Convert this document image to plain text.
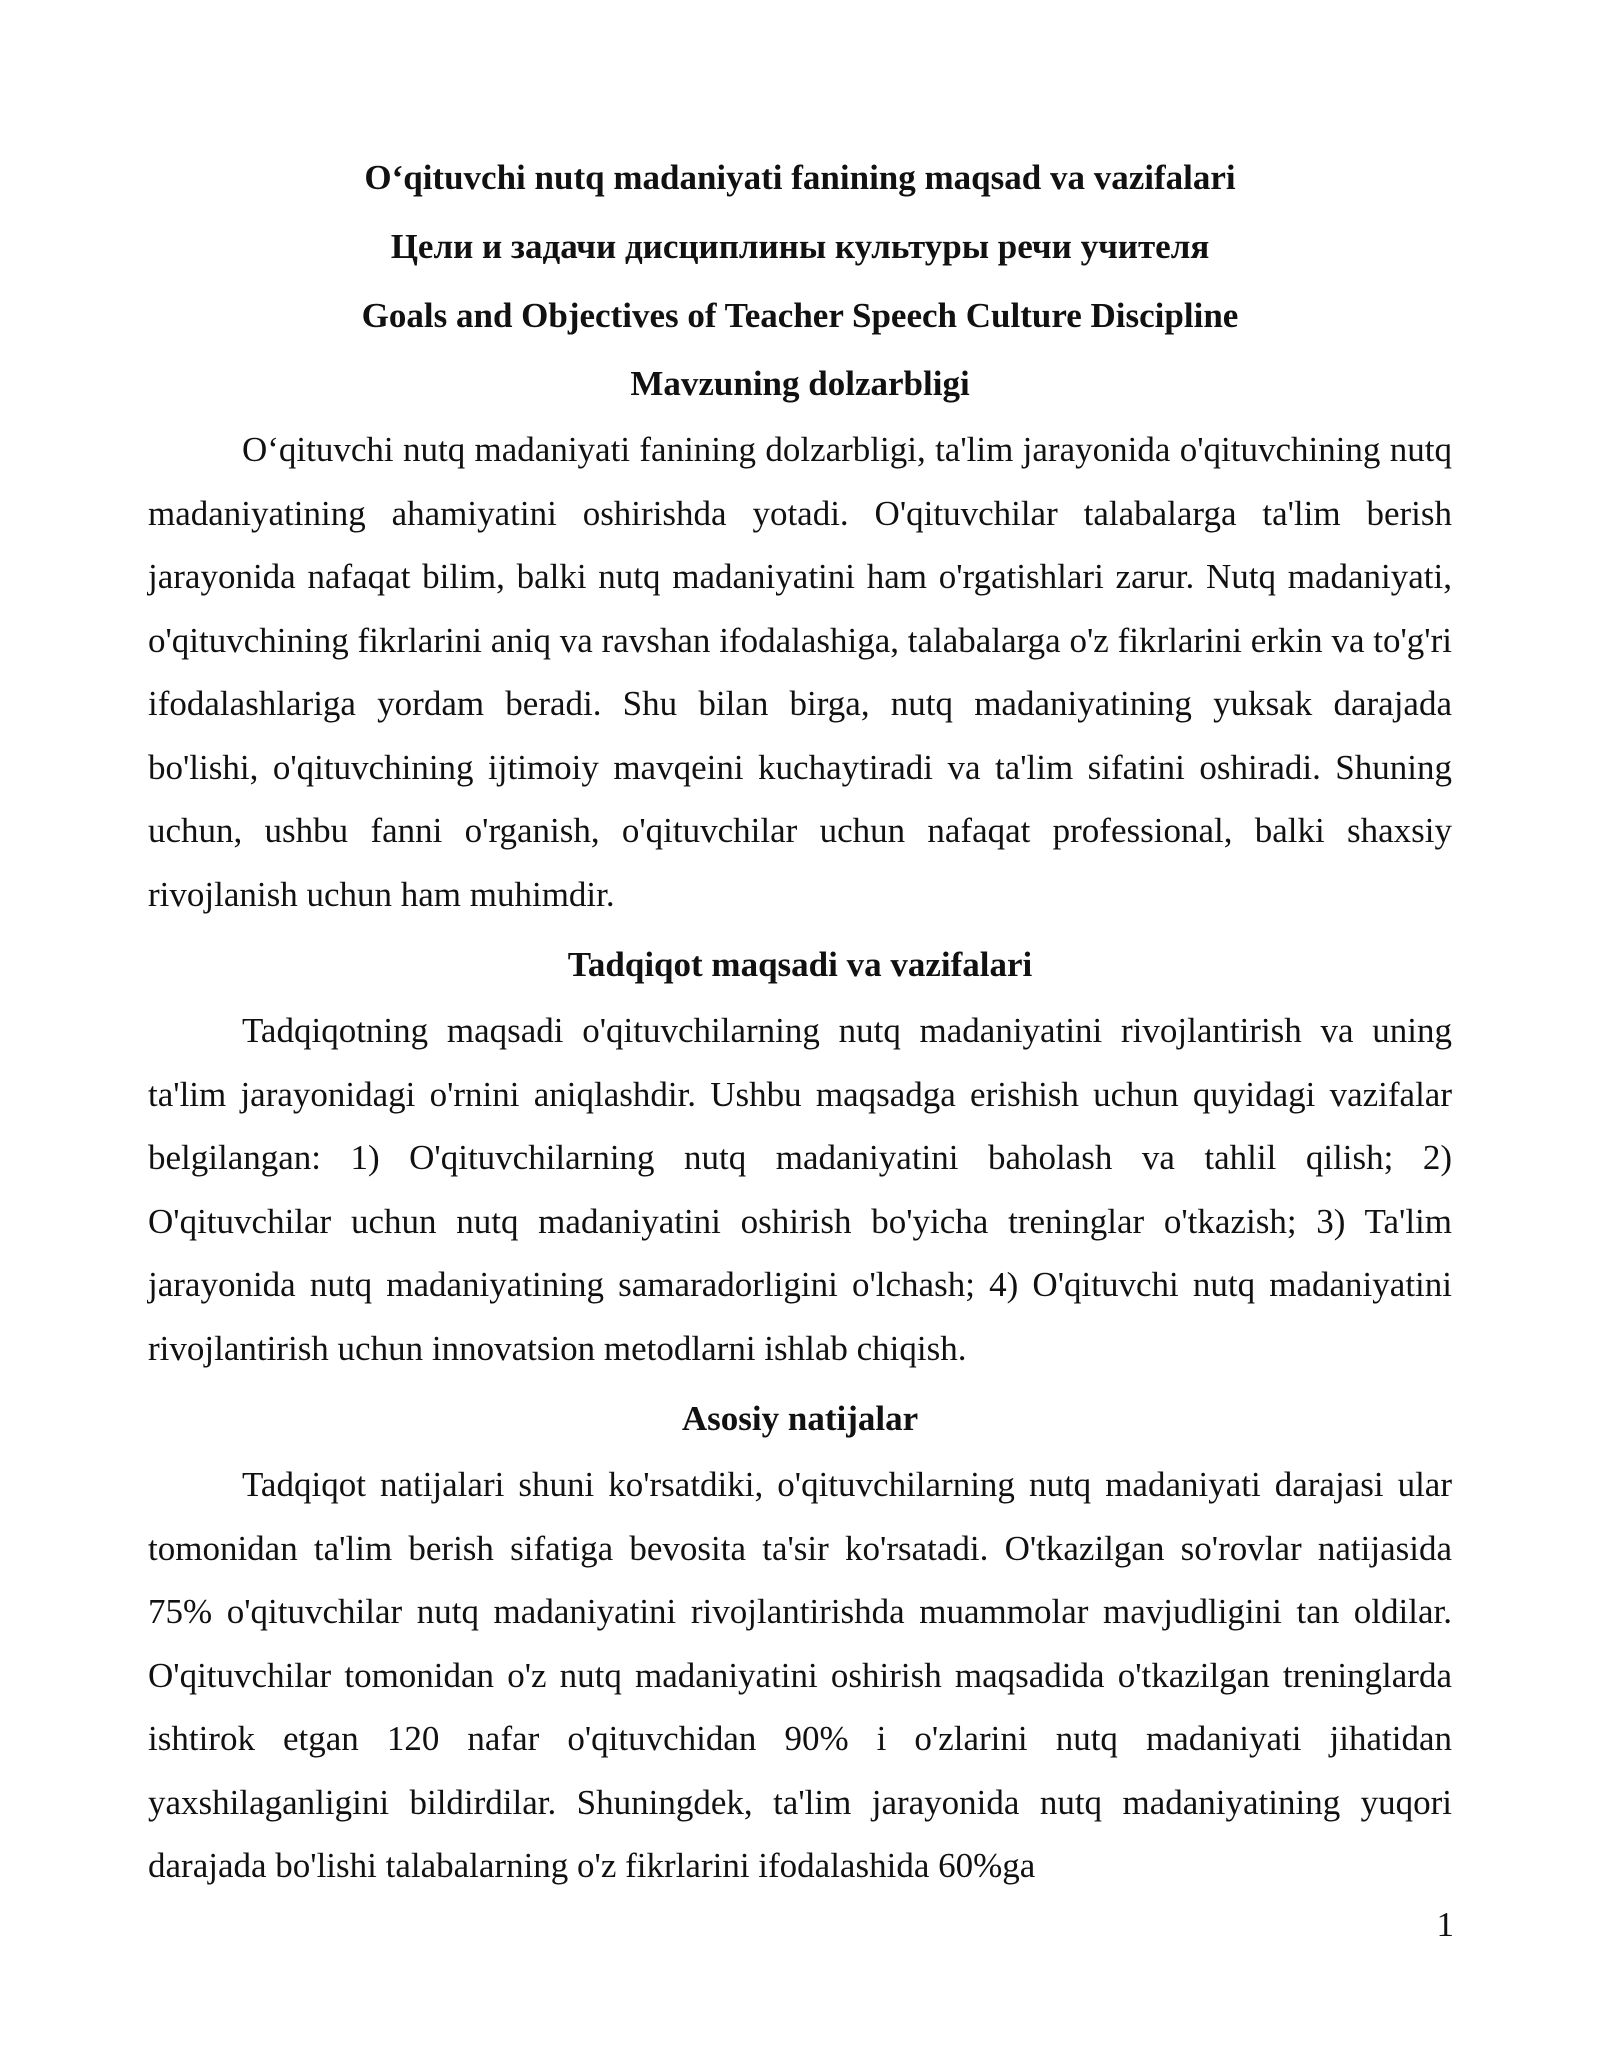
O‘qituvchi nutq madaniyati fanining maqsad va vazifalari
Цели и задачи дисциплины культуры речи учителя
Goals and Objectives of Teacher Speech Culture Discipline
Mavzuning dolzarbligi

O‘qituvchi nutq madaniyati fanining dolzarbligi, ta'lim jarayonida o'qituvchining nutq madaniyatining ahamiyatini oshirishda yotadi. O'qituvchilar talabalarga ta'lim berish jarayonida nafaqat bilim, balki nutq madaniyatini ham o'rgatishlari zarur. Nutq madaniyati, o'qituvchining fikrlarini aniq va ravshan ifodalashiga, talabalarga o'z fikrlarini erkin va to'g'ri ifodalashlariga yordam beradi. Shu bilan birga, nutq madaniyatining yuksak darajada bo'lishi, o'qituvchining ijtimoiy mavqeini kuchaytiradi va ta'lim sifatini oshiradi. Shuning uchun, ushbu fanni o'rganish, o'qituvchilar uchun nafaqat professional, balki shaxsiy rivojlanish uchun ham muhimdir.

Tadqiqot maqsadi va vazifalari

Tadqiqotning maqsadi o'qituvchilarning nutq madaniyatini rivojlantirish va uning ta'lim jarayonidagi o'rnini aniqlashdir. Ushbu maqsadga erishish uchun quyidagi vazifalar belgilangan: 1) O'qituvchilarning nutq madaniyatini baholash va tahlil qilish; 2) O'qituvchilar uchun nutq madaniyatini oshirish bo'yicha treninglar o'tkazish; 3) Ta'lim jarayonida nutq madaniyatining samaradorligini o'lchash; 4) O'qituvchi nutq madaniyatini rivojlantirish uchun innovatsion metodlarni ishlab chiqish.

Asosiy natijalar

Tadqiqot natijalari shuni ko'rsatdiki, o'qituvchilarning nutq madaniyati darajasi ular tomonidan ta'lim berish sifatiga bevosita ta'sir ko'rsatadi. O'tkazilgan so'rovlar natijasida 75% o'qituvchilar nutq madaniyatini rivojlantirishda muammolar mavjudligini tan oldilar. O'qituvchilar tomonidan o'z nutq madaniyatini oshirish maqsadida o'tkazilgan treninglarda ishtirok etgan 120 nafar o'qituvchidan 90% i o'zlarini nutq madaniyati jihatidan yaxshilaganligini bildirdilar. Shuningdek, ta'lim jarayonida nutq madaniyatining yuqori darajada bo'lishi talabalarning o'z fikrlarini ifodalashida 60%ga

1
